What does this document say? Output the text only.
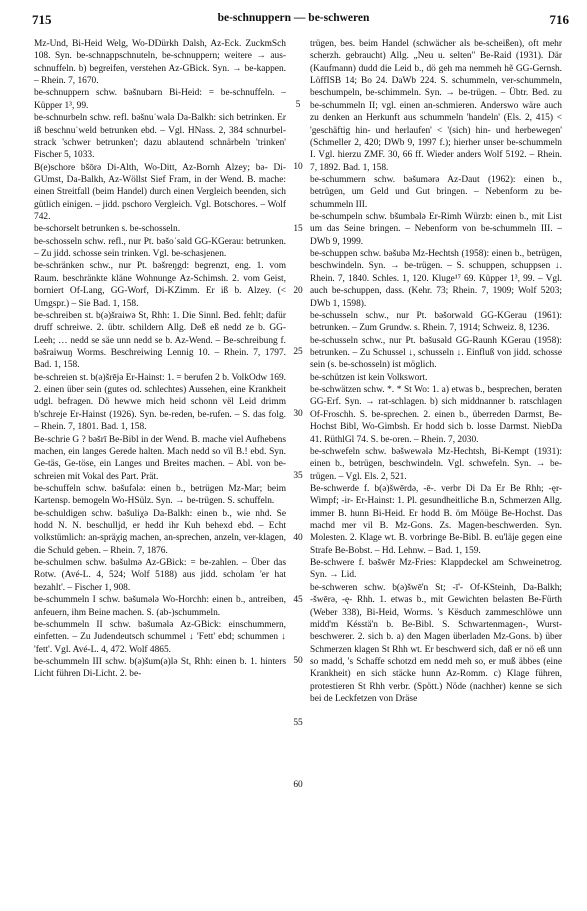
be-schnuppern — be-schweren
715	716

Mz-Und, Bi-Heid Welg, Wo-DDürkh Dalsh, Az-Eck. ZuckmSch 108. Syn. be-schnappschnuteln, be-schnuppern; weitere → aus-schnuffeln. b) begreifen, verstehen Az-GBick. Syn. → be-kappen. – Rhein. 7, 1670.

be-schnuppern schw. bəšnubərn Bi-Heid: = be-schnuffeln. – Küpper 1³, 99.

be-schnurbeln schw. refl. bəšnuˈwələ Da-Balkh: sich betrinken. Er iß beschnuˈweld betrunken ebd. – Vgl. HNass. 2, 384 schnurbel-strack 'schwer betrunken'; dazu ablautend schnärbeln 'trinken' Fischer 5, 1033.

B(e)schore bšōrə Di-Alth, Wo-Ditt, Az-Bornh Alzey; bə- Di-GUmst, Da-Balkh, Az-Wöllst Sief Fram, in der Wend. B. mache: einen Streitfall (beim Handel) durch einen Vergleich beenden, sich gütlich einigen. – jidd. pschoro Vergleich. Vgl. Botschores. – Wolf 742.

be-schorselt betrunken s. be-schosseln.

be-schosseln schw. refl., nur Pt. bəšoˈsəld GG-KGerau: betrunken. – Zu jidd. schosse sein trinken. Vgl. be-schasjenen.

be-schränken schw., nur Pt. bəšreŋgd: begrenzt, eng. 1. vom Raum. beschränkte kläne Wohnunge Az-Schimsh. 2. vom Geist, borniert Of-Lang, GG-Worf, Di-KZimm. Er iß b. Alzey. (< Umgspr.) – Sie Bad. 1, 158.

be-schreiben st. b(ə)šraiwə St, Rhh: 1. Die Sinnl. Bed. fehlt; dafür druff schreiwe. 2. übtr. schildern Allg. Deß eß nedd ze b. GG-Leeh; … nedd se säe unn nedd se b. Az-Wend. – Be-schreibung f. bəšraiwuŋ Worms. Beschreiwing Lennig 10. – Rhein. 7, 1797. Bad. 1, 158.

be-schreien st. b(ə)šrējə Er-Hainst: 1. = berufen 2 b. VolkOdw 169. 2. einen über sein (gutes od. schlechtes) Aussehen, eine Krankheit udgl. befragen. Dö hewwe mich heid schonn vël Leid drimm b'schreje Er-Hainst (1926). Syn. be-reden, be-rufen. – S. das folg. – Rhein. 7, 1801. Bad. 1, 158.

Be-schrie G ? bəšrī Be-Bibl in der Wend. B. mache viel Aufhebens machen, ein langes Gerede halten. Mach nedd so vïl B.! ebd. Syn. Ge-täs, Ge-töse, ein Langes und Breites machen. – Abl. von be-schreien mit Vokal des Part. Prät.

be-schuffeln schw. bəšufələ: einen b., betrügen Mz-Mar; beim Kartensp. bemogeln Wo-HSülz. Syn. → be-trügen. S. schuffeln.

be-schuldigen schw. bəšuliχə Da-Balkh: einen b., wie nhd. Se hodd N. N. beschulljd, er hedd ihr Kuh behexd ebd. – Echt volkstümlich: an-spräχig machen, an-sprechen, anzeln, ver-klagen, die Schuld geben. – Rhein. 7, 1876.

be-schulmen schw. bəšulmə Az-GBick: = be-zahlen. – Über das Rotw. (Avé-L. 4, 524; Wolf 5188) aus jidd. scholam 'er hat bezahlt'. – Fischer 1, 908.

be-schummeln I schw. bəšuməlә Wo-Horchh: einen b., antreiben, anfeuern, ihm Beine machen. S. (ab-)schummeln.

be-schummeln II schw. bəšumələ Az-GBick: einschummern, einfetten. – Zu Judendeutsch schummel ↓ 'Fett' ebd; schummen ↓ 'fett'. Vgl. Avé-L. 4, 472. Wolf 4865.

be-schummeln III schw. b(ə)šum(ə)lə St, Rhh: einen b. 1. hinters Licht führen Di-Licht. 2. be-

5
10
15
20
25
30
35
40
45
50
55
60

trügen, bes. beim Handel (schwächer als be-scheißen), oft mehr scherzh. gebraucht) Allg. „Neu u. selten" Be-Raid (1931). Där (Kaufmann) dudd die Leid b., dö geh ma nemmeh hẽ GG-Gernsh. LöffISB 14; Bo 24. DaWb 224. S. schummeln, ver-schummeln, beschumpeln, be-schimmeln. Syn. → be-trügen. – Übtr. Bed. zu be-schummeln II; vgl. einen an-schmieren. Anderswo wäre auch zu denken an Herkunft aus schummeln 'handeln' (Els. 2, 415) < 'geschäftig hin- und herlaufen' < '(sich) hin- und herbewegen' (Schmeller 2, 420; DWb 9, 1997 f.); hierher unser be-schummeln I. Vgl. hierzu ZMF. 30, 66 ff. Wieder anders Wolf 5192. – Rhein. 7, 1892. Bad. 1, 158.

be-schummern schw. bəšumərə Az-Daut (1962): einen b., betrügen, um Geld und Gut bringen. – Nebenform zu be-schummeln III.

be-schumpeln schw. bšumbələ Er-Rimh Würzb: einen b., mit List um das Seine bringen. – Nebenform von be-schummeln III. – DWb 9, 1999.

be-schuppen schw. bəšubə Mz-Hechtsh (1958): einen b., betrügen, beschwindeln. Syn. → be-trügen. – S. schuppen, schuppsen ↓. Rhein. 7, 1840. Schles. 1, 120. Kluge¹⁷ 69. Küpper 1³, 99. – Vgl. auch be-schuppen, dass. (Kehr. 73; Rhein. 7, 1909; Wolf 5203; DWb 1, 1598).

be-schusseln schw., nur Pt. bəšorwəld GG-KGerau (1961): betrunken. – Zum Grundw. s. Rhein. 7, 1914; Schweiz. 8, 1236.

be-schusseln schw., nur Pt. bəšusəld GG-Raunh KGerau (1958): betrunken. – Zu Schussel ↓, schusseln ↓. Einfluß von jidd. schosse sein (s. be-schosseln) ist möglich.

be-schützen ist kein Volkswort.

be-schwätzen schw. *. * St Wo: 1. a) etwas b., besprechen, beraten GG-Erf. Syn. → rat-schlagen. b) sich middnanner b. ratschlagen Of-Froschh. S. be-sprechen. 2. einen b., überreden Darmst, Be-Hochst Bibl, Wo-Gimbsh. Er hodd sich b. losse Darmst. NiebDa 41. RüthlGl 74. S. be-oren. – Rhein. 7, 2030.

be-schwefeln schw. bəšwewələ Mz-Hechtsh, Bi-Kempt (1931): einen b., betrügen, beschwindeln. Vgl. schwefeln. Syn. → be-trügen. – Vgl. Els. 2, 521.

Be-schwerde f. b(ə)šwērdə, -ē-. verbr Di Da Er Be Rhh; -ęr- Wimpf; -ir- Er-Hainst: 1. Pl. gesundheitliche B.n, Schmerzen Allg. immer B. hunn Bi-Heid. Er hodd B. öm Möüge Be-Hochst. Das machd mer vil B. Mz-Gons. Zs. Magen-beschwerden. Syn. Molesten. 2. Klage wt. B. vorbringe Be-Bibl. B. eu'läje gegen eine Strafe Be-Bobst. – Hd. Lehnw. – Bad. 1, 159.

Be-schwere f. bəšwēr Mz-Fries: Klappdeckel am Schweinetrog. Syn. → Lid.

be-schweren schw. b(ə)šwē'n St; -ī'- Of-KSteinh, Da-Balkh; -šwērə, -ę- Rhh. 1. etwas b., mit Gewichten belasten Be-Fürth (Weber 338), Bi-Heid, Worms. 's Kësduch zammeschlöwe unn midd'm Késstä'n b. Be-Bibl. S. Schwartenmagen-, Wurst-beschwerer. 2. sich b. a) den Magen überladen Mz-Gons. b) über Schmerzen klagen St Rhh wt. Er beschwerd sich, daß er nö eß unn so madd, 's Schaffe schotzd em nedd meh so, er muß äbbes (eine Krankheit) en sich stäcke hunn Az-Romm. c) Klage führen, protestieren St Rhh verbr. (Spött.) Nöde (nachher) kenne se sich bei de Leckfetzen von Dräse
